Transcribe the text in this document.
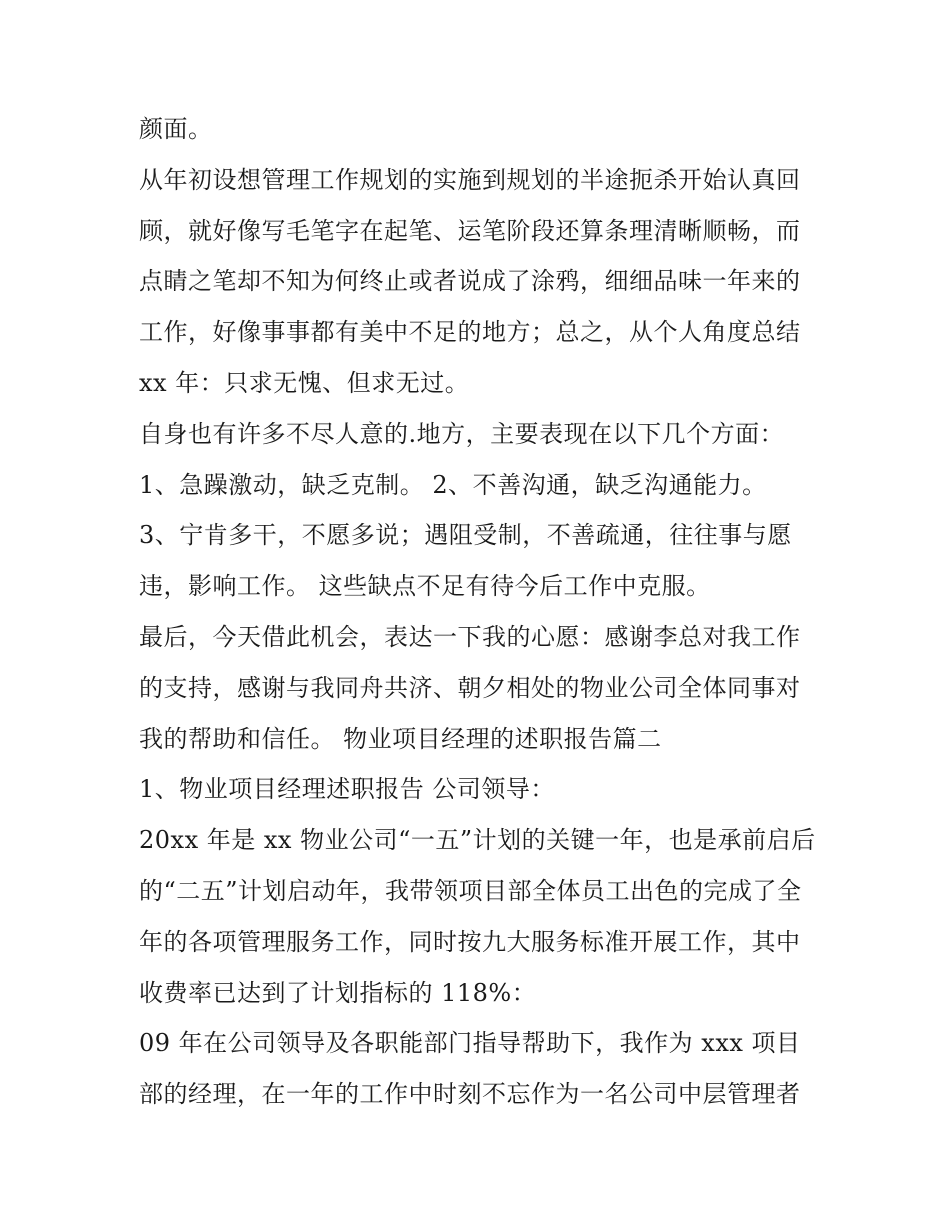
颜面。
从年初设想管理工作规划的实施到规划的半途扼杀开始认真回
顾，就好像写毛笔字在起笔、运笔阶段还算条理清晰顺畅，而
点睛之笔却不知为何终止或者说成了涂鸦，细细品味一年来的
工作，好像事事都有美中不足的地方；总之，从个人角度总结
xx 年：只求无愧、但求无过。
自身也有许多不尽人意的.地方，主要表现在以下几个方面：
1、急躁激动，缺乏克制。 2、不善沟通，缺乏沟通能力。
3、宁肯多干，不愿多说；遇阻受制，不善疏通，往往事与愿
违，影响工作。 这些缺点不足有待今后工作中克服。
最后，今天借此机会，表达一下我的心愿：感谢李总对我工作
的支持，感谢与我同舟共济、朝夕相处的物业公司全体同事对
我的帮助和信任。 物业项目经理的述职报告篇二
1、物业项目经理述职报告 公司领导：
20xx 年是 xx 物业公司“一五”计划的关键一年，也是承前启后
的“二五”计划启动年，我带领项目部全体员工出色的完成了全
年的各项管理服务工作，同时按九大服务标准开展工作，其中
收费率已达到了计划指标的 118%：
09 年在公司领导及各职能部门指导帮助下，我作为 xxx 项目
部的经理，在一年的工作中时刻不忘作为一名公司中层管理者
